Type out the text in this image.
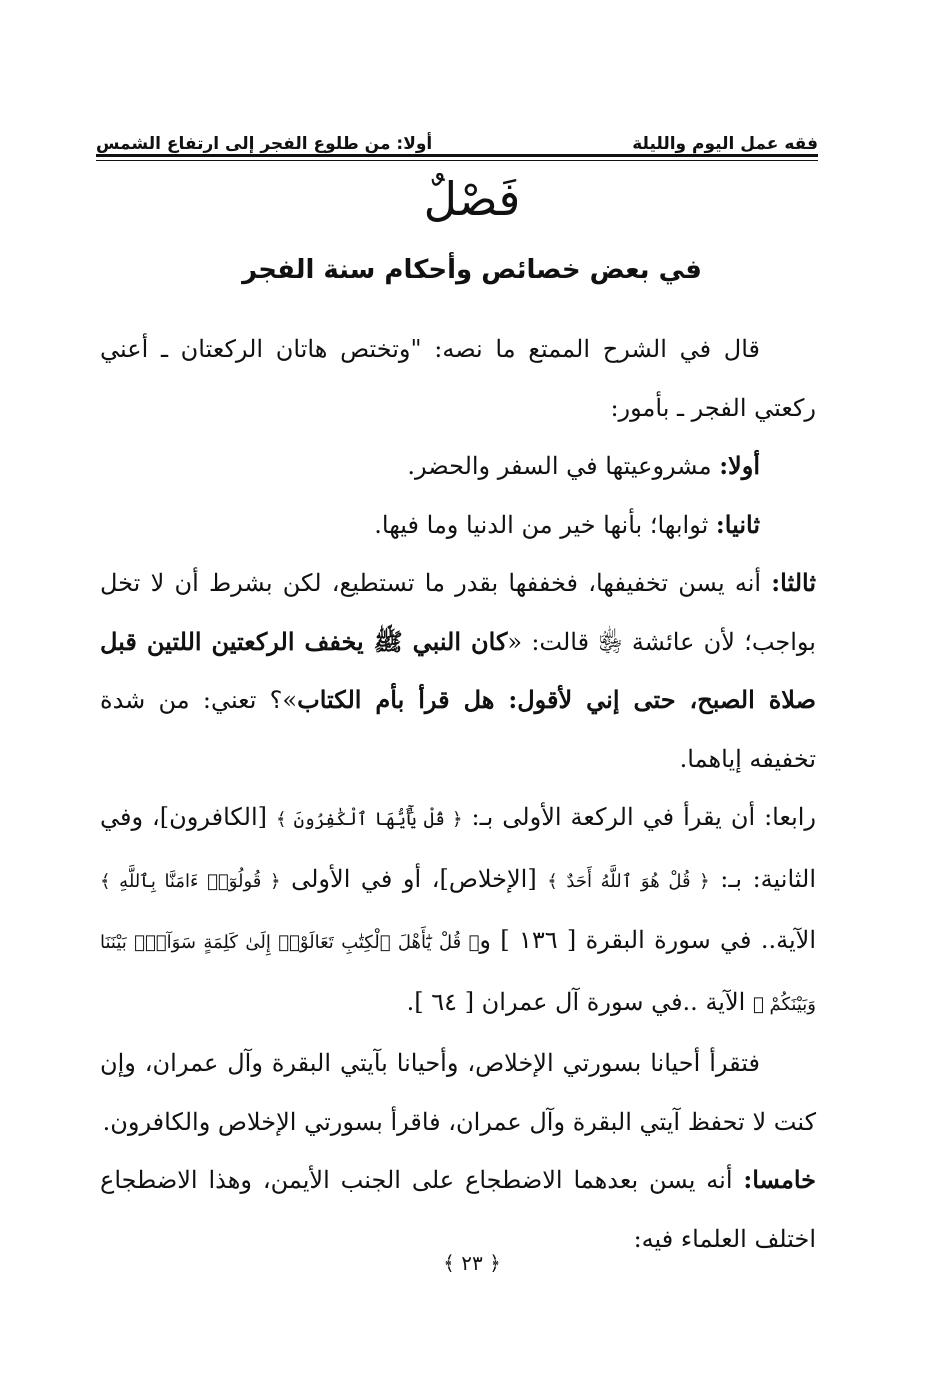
فقه عمل اليوم والليلة
أولا: من طلوع الفجر إلى ارتفاع الشمس
فَصْلٌ
في بعض خصائص وأحكام سنة الفجر

قال في الشرح الممتع ما نصه: "وتختص هاتان الركعتان ـ أعني ركعتي الفجر ـ بأمور:

أولا: مشروعيتها في السفر والحضر.

ثانيا: ثوابها؛ بأنها خير من الدنيا وما فيها.

ثالثا: أنه يسن تخفيفها، فخففها بقدر ما تستطيع، لكن بشرط أن لا تخل بواجب؛ لأن عائشة ﵂ قالت: «كان النبي ﷺ يخفف الركعتين اللتين قبل صلاة الصبح، حتى إني لأقول: هل قرأ بأم الكتاب»؟ تعني: من شدة تخفيفه إياهما.

رابعا: أن يقرأ في الركعة الأولى بـ: ﴿ قُلْ يَٰٓأَيُّهَا ٱلْكَٰفِرُونَ ﴾ [الكافرون]، وفي الثانية: بـ: ﴿ قُلْ هُوَ ٱللَّهُ أَحَدٌ ﴾ [الإخلاص]، أو في الأولى ﴿ قُولُوٓا۟ ءَامَنَّا بِٱللَّهِ ﴾الآية.. في سورة البقرة [ ١٣٦ ] و﴿ قُلْ يَٰٓأَهْلَ ٱلْكِتَٰبِ تَعَالَوْا۟ إِلَىٰ كَلِمَةٍ سَوَآءٍۭ بَيْنَنَا وَبَيْنَكُمْ ﴾ الآية ..في سورة آل عمران [ ٦٤ ].

فتقرأ أحيانا بسورتي الإخلاص، وأحيانا بآيتي البقرة وآل عمران، وإن كنت لا تحفظ آيتي البقرة وآل عمران، فاقرأ بسورتي الإخلاص والكافرون.

خامسا: أنه يسن بعدهما الاضطجاع على الجنب الأيمن، وهذا الاضطجاع اختلف العلماء فيه:

﴿ ٢٣ ﴾
